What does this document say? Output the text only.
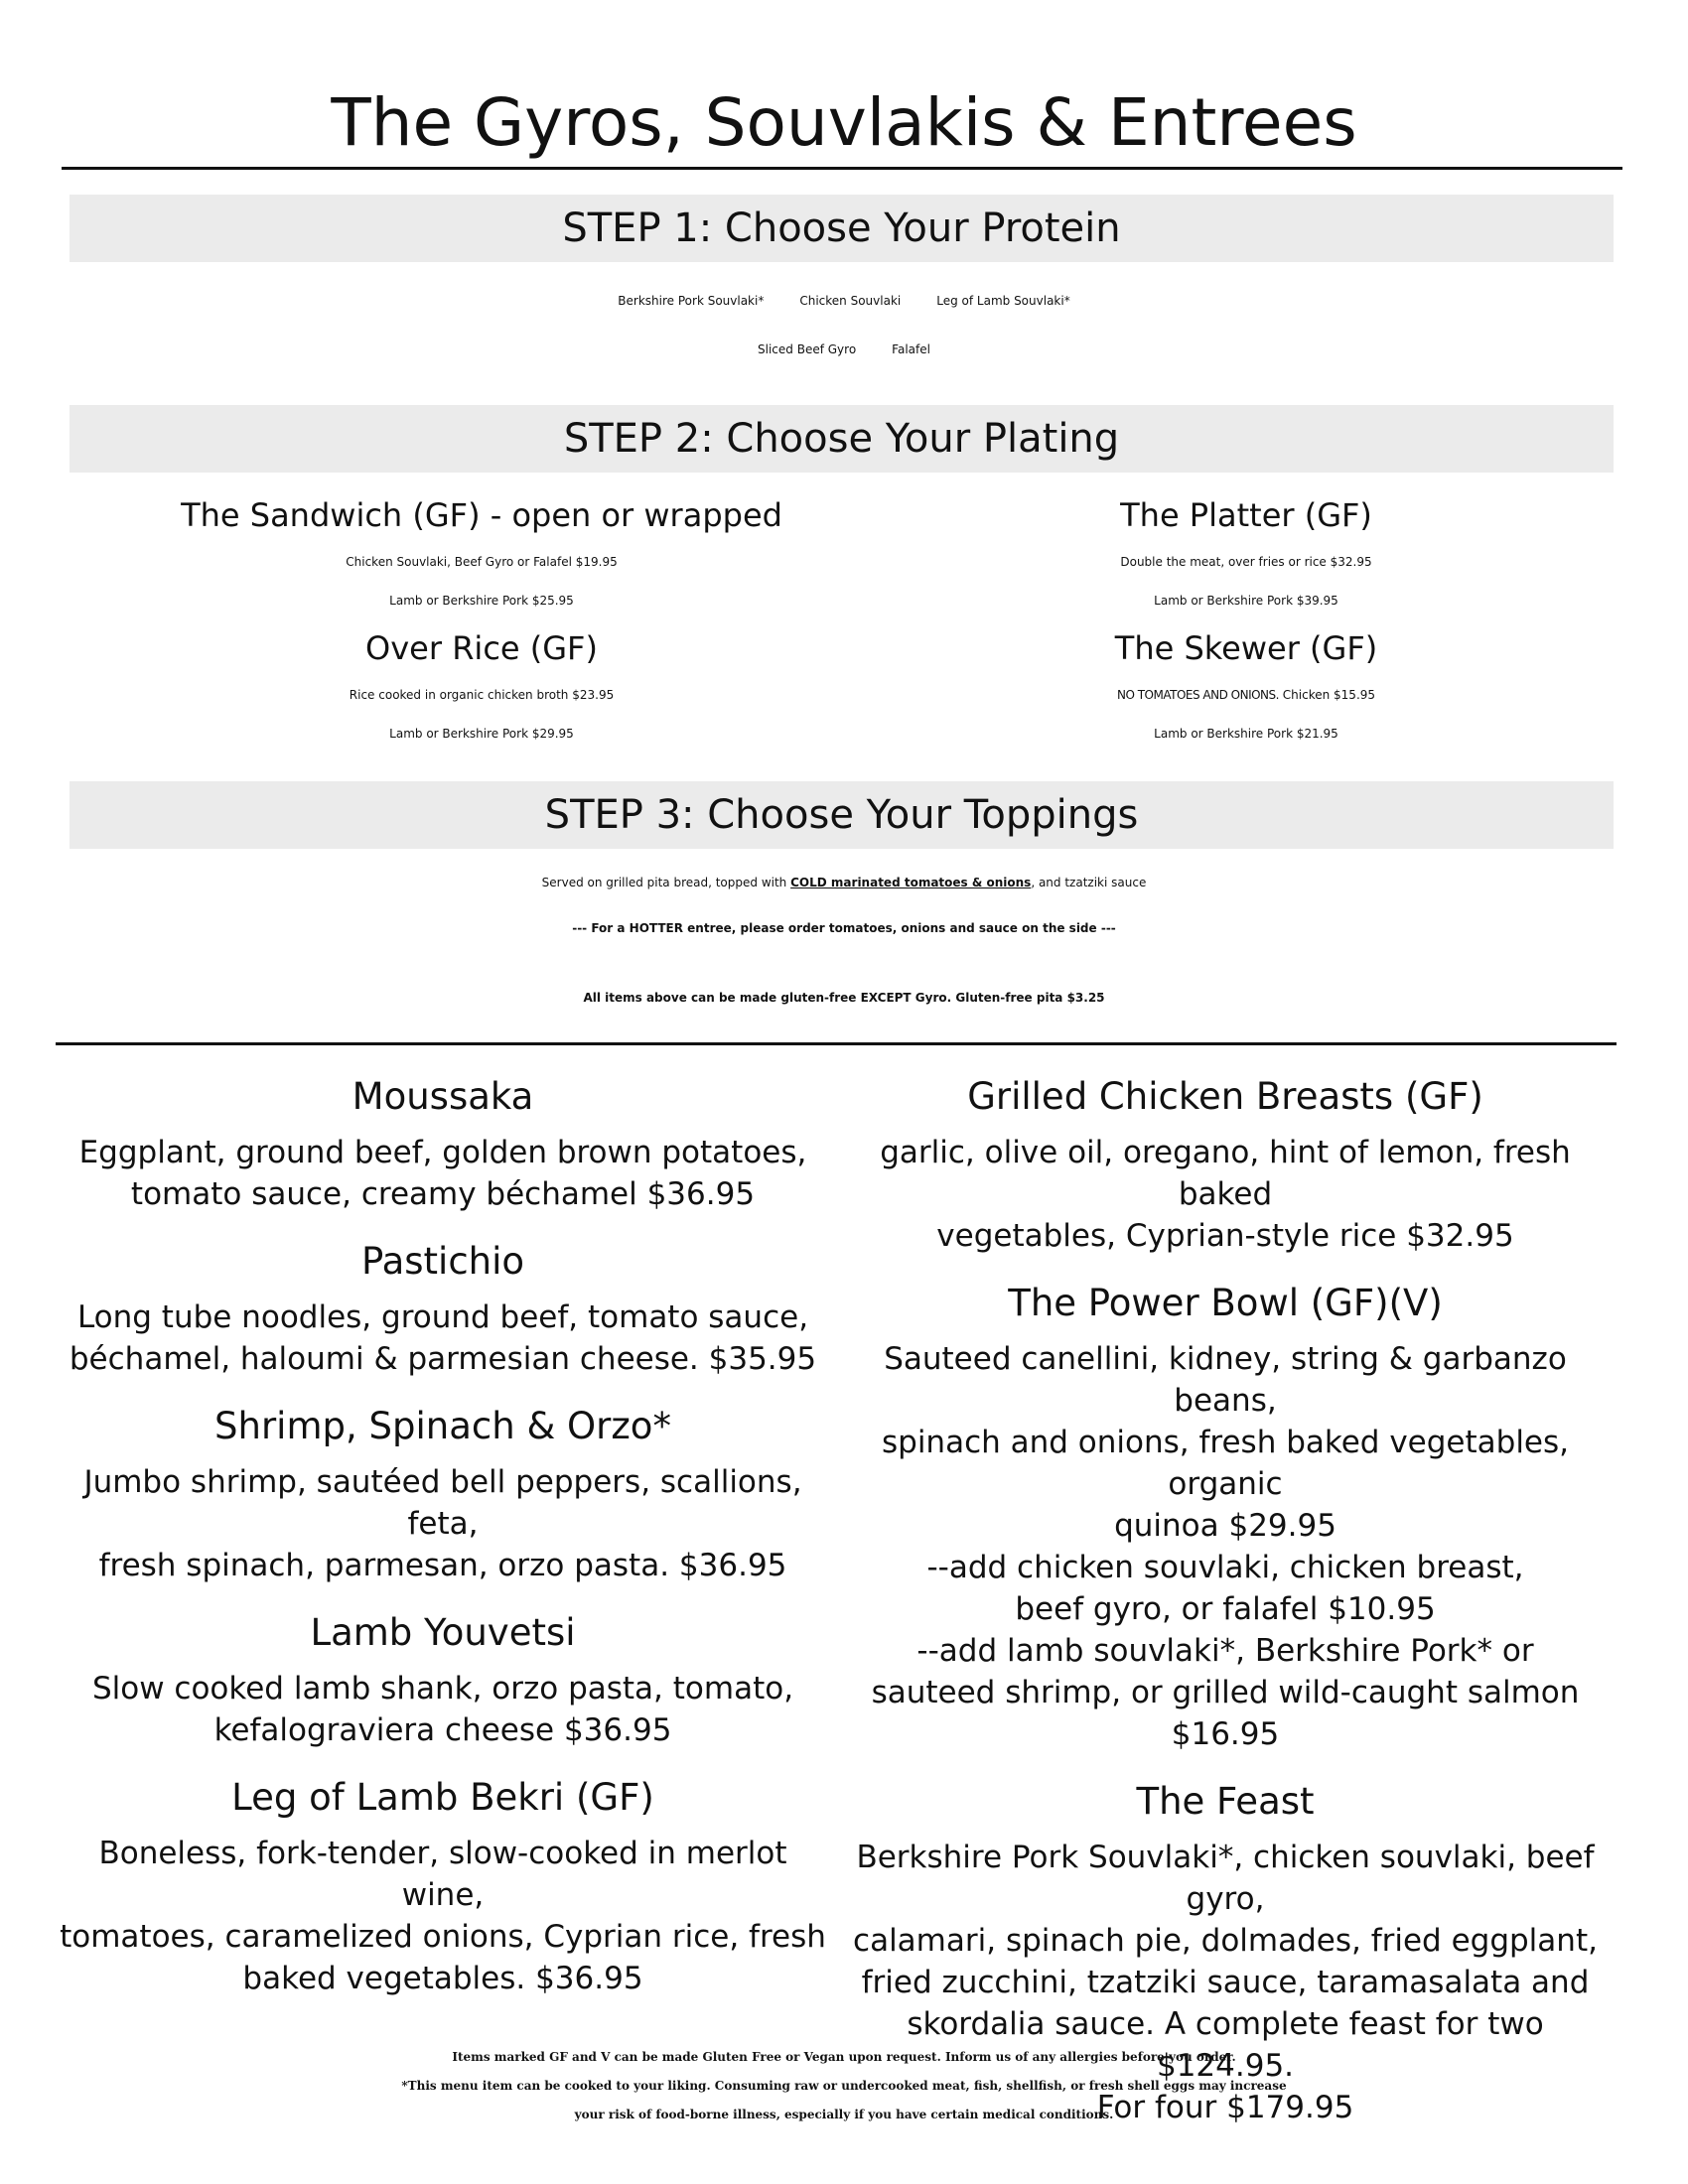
The Gyros, Souvlakis & Entrees
STEP 1: Choose Your Protein
Berkshire Pork Souvlaki*	Chicken Souvlaki	Leg of Lamb Souvlaki*
Sliced Beef Gyro	Falafel
STEP 2: Choose Your Plating
The Sandwich (GF) - open or wrapped
Chicken Souvlaki, Beef Gyro or Falafel $19.95
Lamb or Berkshire Pork $25.95
Over Rice (GF)
Rice cooked in organic chicken broth $23.95
Lamb or Berkshire Pork $29.95
The Platter (GF)
Double the meat, over fries or rice $32.95
Lamb or Berkshire Pork $39.95
The Skewer (GF)
NO TOMATOES AND ONIONS. Chicken $15.95
Lamb or Berkshire Pork $21.95
STEP 3: Choose Your Toppings
Served on grilled pita bread, topped with COLD marinated tomatoes & onions, and tzatziki sauce
--- For a HOTTER entree, please order tomatoes, onions and sauce on the side ---
All items above can be made gluten-free EXCEPT Gyro. Gluten-free pita $3.25
Moussaka

Eggplant, ground beef, golden brown potatoes,
tomato sauce, creamy béchamel $36.95

Pastichio

Long tube noodles, ground beef, tomato sauce,
béchamel, haloumi & parmesian cheese. $35.95

Shrimp, Spinach & Orzo*

Jumbo shrimp, sautéed bell peppers, scallions, feta,
fresh spinach, parmesan, orzo pasta. $36.95

Lamb Youvetsi

Slow cooked lamb shank, orzo pasta, tomato,
kefalograviera cheese $36.95

Leg of Lamb Bekri (GF)

Boneless, fork-tender, slow-cooked in merlot wine,
tomatoes, caramelized onions, Cyprian rice, fresh
baked vegetables. $36.95

Grilled Chicken Breasts (GF)

garlic, olive oil, oregano, hint of lemon, fresh baked
vegetables, Cyprian-style rice $32.95

The Power Bowl (GF)(V)

Sauteed canellini, kidney, string & garbanzo beans,
spinach and onions, fresh baked vegetables, organic
quinoa $29.95
--add chicken souvlaki, chicken breast,
beef gyro, or falafel $10.95
--add lamb souvlaki*, Berkshire Pork* or
sauteed shrimp, or grilled wild-caught salmon
$16.95

The Feast

Berkshire Pork Souvlaki*, chicken souvlaki, beef gyro,
calamari, spinach pie, dolmades, fried eggplant,
fried zucchini, tzatziki sauce, taramasalata and
skordalia sauce. A complete feast for two $124.95.
For four $179.95

Items marked GF and V can be made Gluten Free or Vegan upon request. Inform us of any allergies before you order.
*This menu item can be cooked to your liking. Consuming raw or undercooked meat, fish, shellfish, or fresh shell eggs may increase
your risk of food-borne illness, especially if you have certain medical conditions.
